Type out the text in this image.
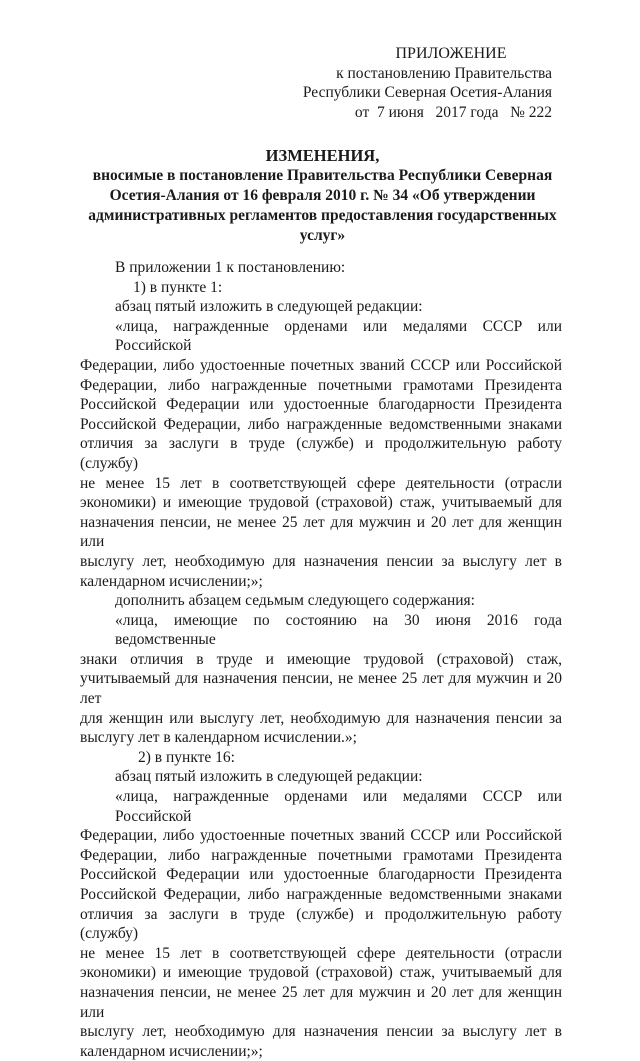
ПРИЛОЖЕНИЕ
к постановлению Правительства
Республики Северная Осетия-Алания
от  7 июня   2017 года   № 222
ИЗМЕНЕНИЯ,
вносимые в постановление Правительства Республики Северная
Осетия-Алания от 16 февраля 2010 г. № 34 «Об утверждении
административных регламентов предоставления государственных
услуг»
В приложении 1 к постановлению:
1) в пункте 1:
абзац пятый изложить в следующей редакции:
«лица, награжденные орденами или медалями СССР или Российской
Федерации, либо удостоенные почетных званий СССР или Российской
Федерации, либо награжденные почетными грамотами Президента
Российской Федерации или удостоенные благодарности Президента
Российской Федерации, либо награжденные ведомственными знаками
отличия за заслуги в труде (службе) и продолжительную работу (службу)
не менее 15 лет в соответствующей сфере деятельности (отрасли
экономики) и имеющие трудовой (страховой) стаж, учитываемый для
назначения пенсии, не менее 25 лет для мужчин и 20 лет для женщин или
выслугу лет, необходимую для назначения пенсии за выслугу лет в
календарном исчислении;»;
дополнить абзацем седьмым следующего содержания:
«лица, имеющие по состоянию на 30 июня 2016 года ведомственные
знаки отличия в труде и имеющие трудовой (страховой) стаж,
учитываемый для назначения пенсии, не менее 25 лет для мужчин и 20 лет
для женщин или выслугу лет, необходимую для назначения пенсии за
выслугу лет в календарном исчислении.»;
2) в пункте 16:
абзац пятый изложить в следующей редакции:
«лица, награжденные орденами или медалями СССР или Российской
Федерации, либо удостоенные почетных званий СССР или Российской
Федерации, либо награжденные почетными грамотами Президента
Российской Федерации или удостоенные благодарности Президента
Российской Федерации, либо награжденные ведомственными знаками
отличия за заслуги в труде (службе) и продолжительную работу (службу)
не менее 15 лет в соответствующей сфере деятельности (отрасли
экономики) и имеющие трудовой (страховой) стаж, учитываемый для
назначения пенсии, не менее 25 лет для мужчин и 20 лет для женщин или
выслугу лет, необходимую для назначения пенсии за выслугу лет в
календарном исчислении;»;
